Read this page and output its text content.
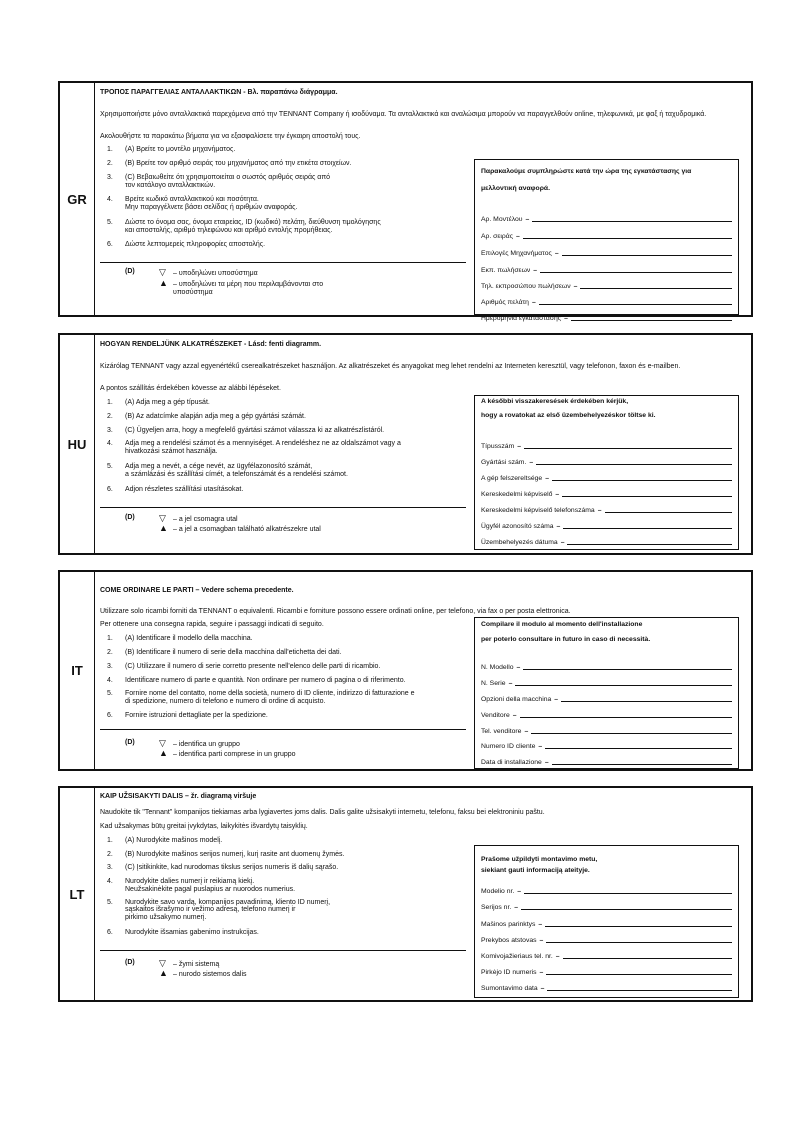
GR
ΤΡΟΠΟΣ ΠΑΡΑΓΓΕΛΙΑΣ ΑΝΤΑΛΛΑΚΤΙΚΩΝ - Βλ. παραπάνω διάγραμμα.
Χρησιμοποιήστε μόνο ανταλλακτικά παρεχόμενα από την TENNANT Company ή ισοδύναμα. Τα ανταλλακτικά και αναλώσιμα μπορούν να παραγγελθούν online, τηλεφωνικά, με φαξ ή ταχυδρομικά.
Ακολουθήστε τα παρακάτω βήματα για να εξασφαλίσετε την έγκαιρη αποστολή τους.
1.	(A) Βρείτε το μοντέλο μηχανήματος.
2.	(B) Βρείτε τον αριθμό σειράς του μηχανήματος από την ετικέτα στοιχείων.
3.	(C) Βεβαιωθείτε ότι χρησιμοποιείται ο σωστός αριθμός σειράς από
τον κατάλογο ανταλλακτικών.
4.	Βρείτε κωδικό ανταλλακτικού και ποσότητα.
Μην παραγγέλνετε βάσει σελίδας ή αριθμών αναφοράς.
5.	Δώστε το όνομα σας, όνομα εταιρείας, ID (κωδικό) πελάτη, διεύθυνση τιμολόγησης
και αποστολής, αριθμό τηλεφώνου και αριθμό εντολής προμήθειας.
6.	Δώστε λεπτομερείς πληροφορίες αποστολής.
(D)	▽ – υποδηλώνει υποσύστημα
▲ – υποδηλώνει τα μέρη που περιλαμβάνονται στο
υποσύστημα
Παρακαλούμε συμπληρώστε κατά την ώρα της εγκατάστασης για
μελλοντική αναφορά.
Αρ. Μοντέλου –
Αρ. σειράς –
Επιλογές Μηχανήματος –
Εκπ. πωλήσεων –
Τηλ. εκπροσώπου πωλήσεων –
Αριθμός πελάτη –
Ημερομηνία εγκατάστασης –
HU
HOGYAN RENDELJÜNK ALKATRÉSZEKET - Lásd: fenti diagramm.
Kizárólag TENNANT vagy azzal egyenértékű cserealkatrészeket használjon. Az alkatrészeket és anyagokat meg lehet rendelni az Interneten keresztül, vagy telefonon, faxon és e-mailben.
A pontos szállítás érdekében kövesse az alábbi lépéseket.
1.	(A) Adja meg a gép típusát.
2.	(B) Az adatcímke alapján adja meg a gép gyártási számát.
3.	(C) Ügyeljen arra, hogy a megfelelő gyártási számot válassza ki az alkatrészlistáról.
4.	Adja meg a rendelési számot és a mennyiséget. A rendeléshez ne az oldalszámot vagy a
hivatkozási számot használja.
5.	Adja meg a nevét, a cége nevét, az ügyfélazonosító számát,
a számlázási és szállítási címét, a telefonszámát és a rendelési számot.
6.	Adjon részletes szállítási utasításokat.
(D)	▽ – a jel csomagra utal
▲ – a jel a csomagban található alkatrészekre utal
A későbbi visszakeresések érdekében kérjük,
hogy a rovatokat az első üzembehelyezéskor töltse ki.
Típusszám –
Gyártási szám. –
A gép felszereltsége –
Kereskedelmi képviselő –
Kereskedelmi képviselő telefonszáma –
Ügyfél azonosító száma –
Üzembehelyezés dátuma –
IT
COME ORDINARE LE PARTI – Vedere schema precedente.
Utilizzare solo ricambi forniti da TENNANT o equivalenti. Ricambi e forniture possono essere ordinati online, per telefono, via fax o per posta elettronica.
Per ottenere una consegna rapida, seguire i passaggi indicati di seguito.
1.	(A) Identificare il modello della macchina.
2.	(B) Identificare il numero di serie della macchina dall'etichetta dei dati.
3.	(C) Utilizzare il numero di serie corretto presente nell'elenco delle parti di ricambio.
4.	Identificare numero di parte e quantità. Non ordinare per numero di pagina o di riferimento.
5.	Fornire nome del contatto, nome della società, numero di ID cliente, indirizzo di fatturazione e
di spedizione, numero di telefono e numero di ordine di acquisto.
6.	Fornire istruzioni dettagliate per la spedizione.
(D)	▽ – identifica un gruppo
▲ – identifica parti comprese in un gruppo
Compilare il modulo al momento dell'installazione
per poterlo consultare in futuro in caso di necessità.
N. Modello –
N. Serie –
Opzioni della macchina –
Venditore –
Tel. venditore –
Numero ID cliente –
Data di installazione –
LT
KAIP UŽSISAKYTI DALIS – žr. diagramą viršuje
Naudokite tik "Tennant" kompanijos tiekiamas arba lygiavertes joms dalis. Dalis galite užsisakyti internetu, telefonu, faksu bei elektroniniu paštu.
Kad užsakymas būtų greitai įvykdytas, laikykitės išvardytų taisyklių.
1.	(A) Nurodykite mašinos modelį.
2.	(B) Nurodykite mašinos serijos numerį, kurį rasite ant duomenų žymės.
3.	(C) Įsitikinkite, kad nurodomas tikslus serijos numeris iš dalių sąrašo.
4.	Nurodykite dalies numerį ir reikiamą kiekį.
Neužsakinėkite pagal puslapius ar nuorodos numerius.
5.	Nurodykite savo vardą, kompanijos pavadinimą, kliento ID numerį,
sąskaitos išrašymo ir vežimo adresą, telefono numerį ir
pirkimo užsakymo numerį.
6.	Nurodykite išsamias gabenimo instrukcijas.
(D)	▽ – žymi sistemą
▲ – nurodo sistemos dalis
Prašome užpildyti montavimo metu,
siekiant gauti informaciją ateityje.
Modelio nr. –
Serijos nr. –
Mašinos parinktys –
Prekybos atstovas –
Komivojažieriaus tel. nr. –
Pirkėjo ID numeris –
Sumontavimo data –
